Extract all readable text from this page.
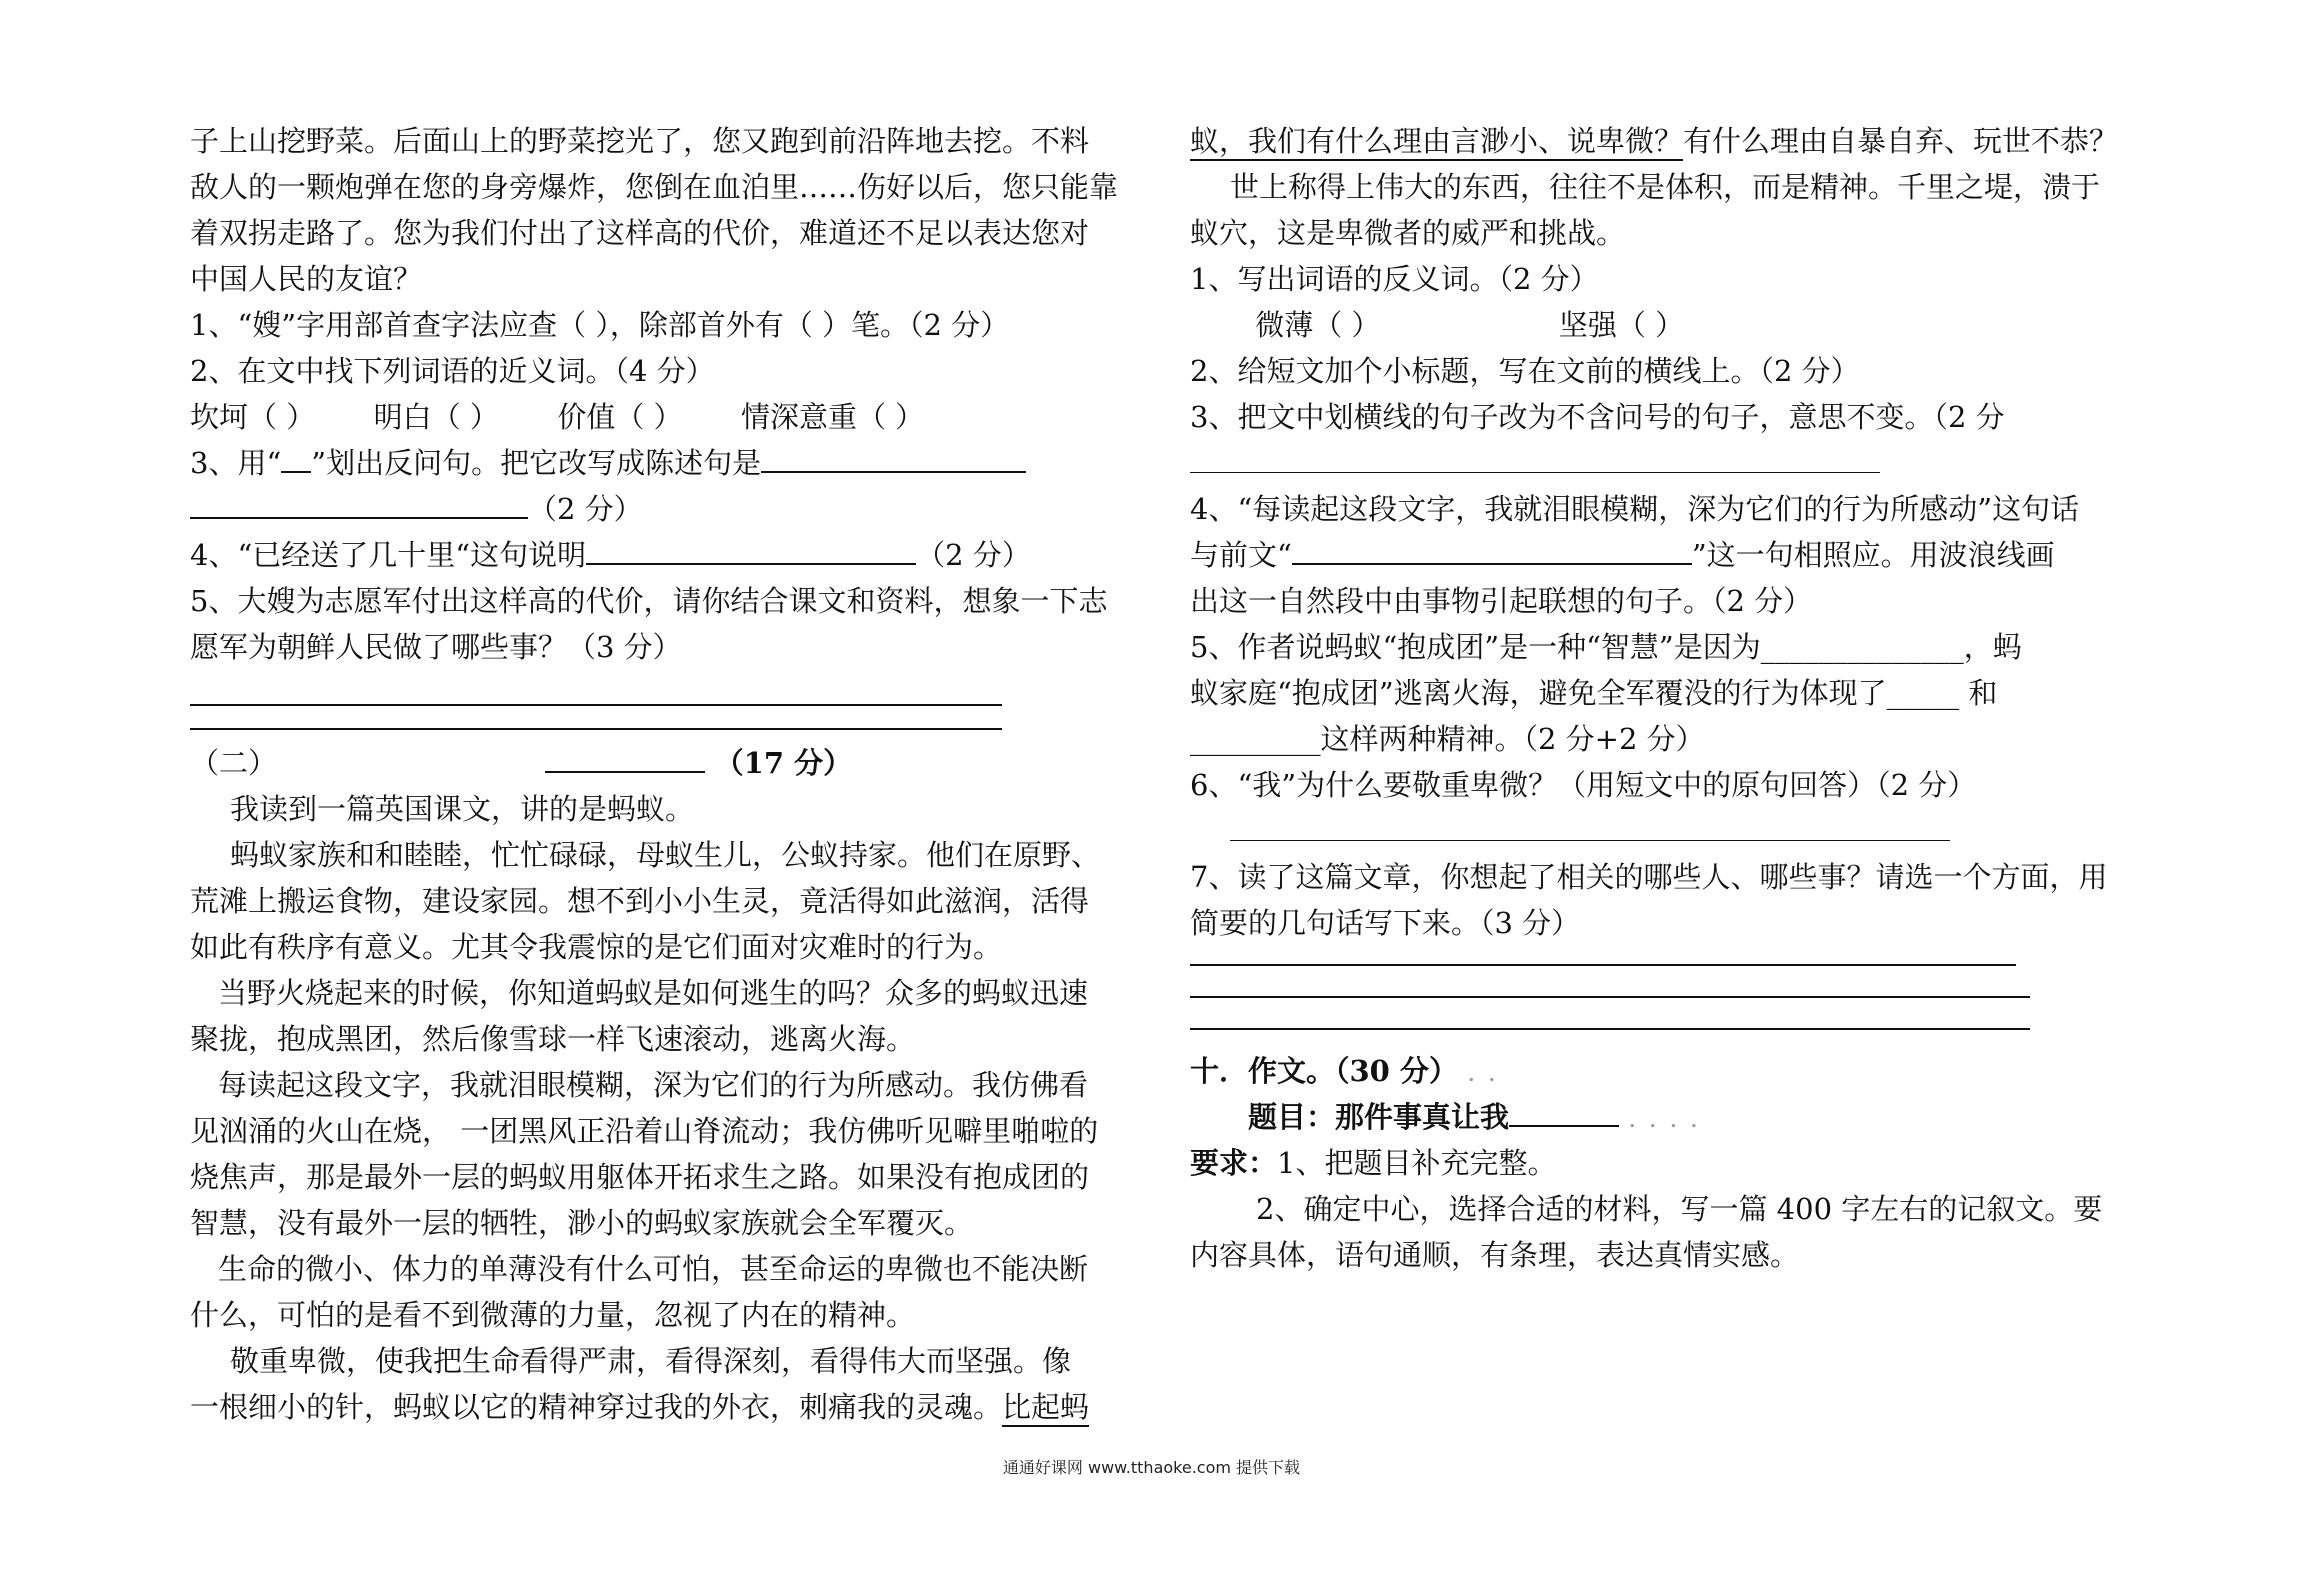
子上山挖野菜。后面山上的野菜挖光了，您又跑到前沿阵地去挖。不料
敌人的一颗炮弹在您的身旁爆炸，您倒在血泊里……伤好以后，您只能靠
着双拐走路了。您为我们付出了这样高的代价，难道还不足以表达您对
中国人民的友谊？
1、“嫂”字用部首查字法应查（ ），除部首外有（ ）笔。（2 分）
2、在文中找下列词语的近义词。（4 分）
坎坷（ ） 明白（ ） 价值（ ） 情深意重（ ）
3、用“ ”划出反问句。把它改写成陈述句是
（2 分）
4、“已经送了几十里“这句说明	（2 分）
5、大嫂为志愿军付出这样高的代价，请你结合课文和资料，想象一下志
愿军为朝鲜人民做了哪些事？（3 分）
（二）	（17 分）
我读到一篇英国课文，讲的是蚂蚁。
蚂蚁家族和和睦睦，忙忙碌碌，母蚁生儿，公蚁持家。他们在原野、
荒滩上搬运食物，建设家园。想不到小小生灵，竟活得如此滋润，活得
如此有秩序有意义。尤其令我震惊的是它们面对灾难时的行为。
当野火烧起来的时候，你知道蚂蚁是如何逃生的吗？众多的蚂蚁迅速
聚拢，抱成黑团，然后像雪球一样飞速滚动，逃离火海。
每读起这段文字，我就泪眼模糊，深为它们的行为所感动。我仿佛看
见汹涌的火山在烧， 一团黑风正沿着山脊流动；我仿佛听见噼里啪啦的
烧焦声，那是最外一层的蚂蚁用躯体开拓求生之路。如果没有抱成团的
智慧，没有最外一层的牺牲，渺小的蚂蚁家族就会全军覆灭。
生命的微小、体力的单薄没有什么可怕，甚至命运的卑微也不能决断
什么，可怕的是看不到微薄的力量，忽视了内在的精神。
敬重卑微，使我把生命看得严肃，看得深刻，看得伟大而坚强。像
一根细小的针，蚂蚁以它的精神穿过我的外衣，刺痛我的灵魂。比起蚂
蚁，我们有什么理由言渺小、说卑微？有什么理由自暴自弃、玩世不恭？
世上称得上伟大的东西，往往不是体积，而是精神。千里之堤，溃于
蚁穴，这是卑微者的威严和挑战。
1、写出词语的反义词。（2 分）
微薄（ ）	坚强（ ）
2、给短文加个小标题，写在文前的横线上。（2 分）
3、把文中划横线的句子改为不含问号的句子，意思不变。（2 分
4、“每读起这段文字，我就泪眼模糊，深为它们的行为所感动”这句话
与前文“	”这一句相照应。用波浪线画
出这一自然段中由事物引起联想的句子。（2 分）
5、作者说蚂蚁“抱成团”是一种“智慧”是因为______________，蚂
蚁家庭“抱成团”逃离火海，避免全军覆没的行为体现了_____ 和
_________这样两种精神。（2 分+2 分）
6、“我”为什么要敬重卑微？（用短文中的原句回答）（2 分）
7、读了这篇文章，你想起了相关的哪些人、哪些事？请选一个方面，用
简要的几句话写下来。（3 分）
十．作文。（30 分） . .
题目：那件事真让我	. . . .
要求：1、把题目补充完整。
2、确定中心，选择合适的材料，写一篇 400 字左右的记叙文。要
内容具体，语句通顺，有条理，表达真情实感。
通通好课网 www.tthaoke.com 提供下载
